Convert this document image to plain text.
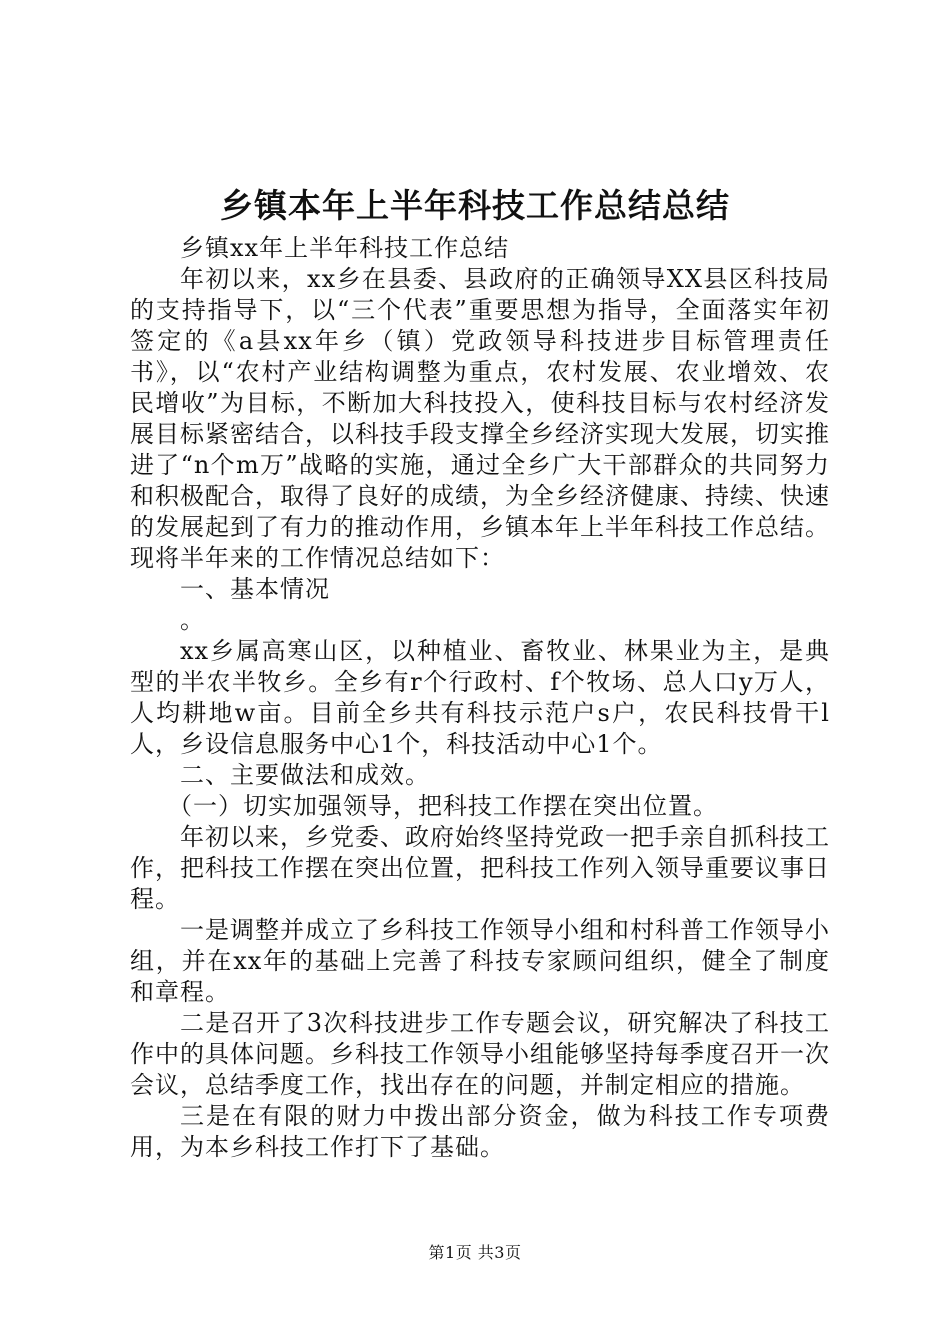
乡镇本年上半年科技工作总结总结

乡镇xx年上半年科技工作总结

年初以来，xx乡在县委、县政府的正确领导XX县区科技局的支持指导下，以“三个代表”重要思想为指导，全面落实年初签定的《a县xx年乡（镇）党政领导科技进步目标管理责任书》，以“农村产业结构调整为重点，农村发展、农业增效、农民增收”为目标，不断加大科技投入，使科技目标与农村经济发展目标紧密结合，以科技手段支撑全乡经济实现大发展，切实推进了“n个m万”战略的实施，通过全乡广大干部群众的共同努力和积极配合，取得了良好的成绩，为全乡经济健康、持续、快速的发展起到了有力的推动作用，乡镇本年上半年科技工作总结。现将半年来的工作情况总结如下：

一、基本情况

。

xx乡属高寒山区，以种植业、畜牧业、林果业为主，是典型的半农半牧乡。全乡有r个行政村、f个牧场、总人口y万人，人均耕地w亩。目前全乡共有科技示范户s户，农民科技骨干l人，乡设信息服务中心1个，科技活动中心1个。

二、主要做法和成效。

（一）切实加强领导，把科技工作摆在突出位置。

年初以来，乡党委、政府始终坚持党政一把手亲自抓科技工作，把科技工作摆在突出位置，把科技工作列入领导重要议事日程。

一是调整并成立了乡科技工作领导小组和村科普工作领导小组，并在xx年的基础上完善了科技专家顾问组织，健全了制度和章程。

二是召开了3次科技进步工作专题会议，研究解决了科技工作中的具体问题。乡科技工作领导小组能够坚持每季度召开一次会议，总结季度工作，找出存在的问题，并制定相应的措施。

三是在有限的财力中拨出部分资金，做为科技工作专项费用，为本乡科技工作打下了基础。

第1页 共3页
